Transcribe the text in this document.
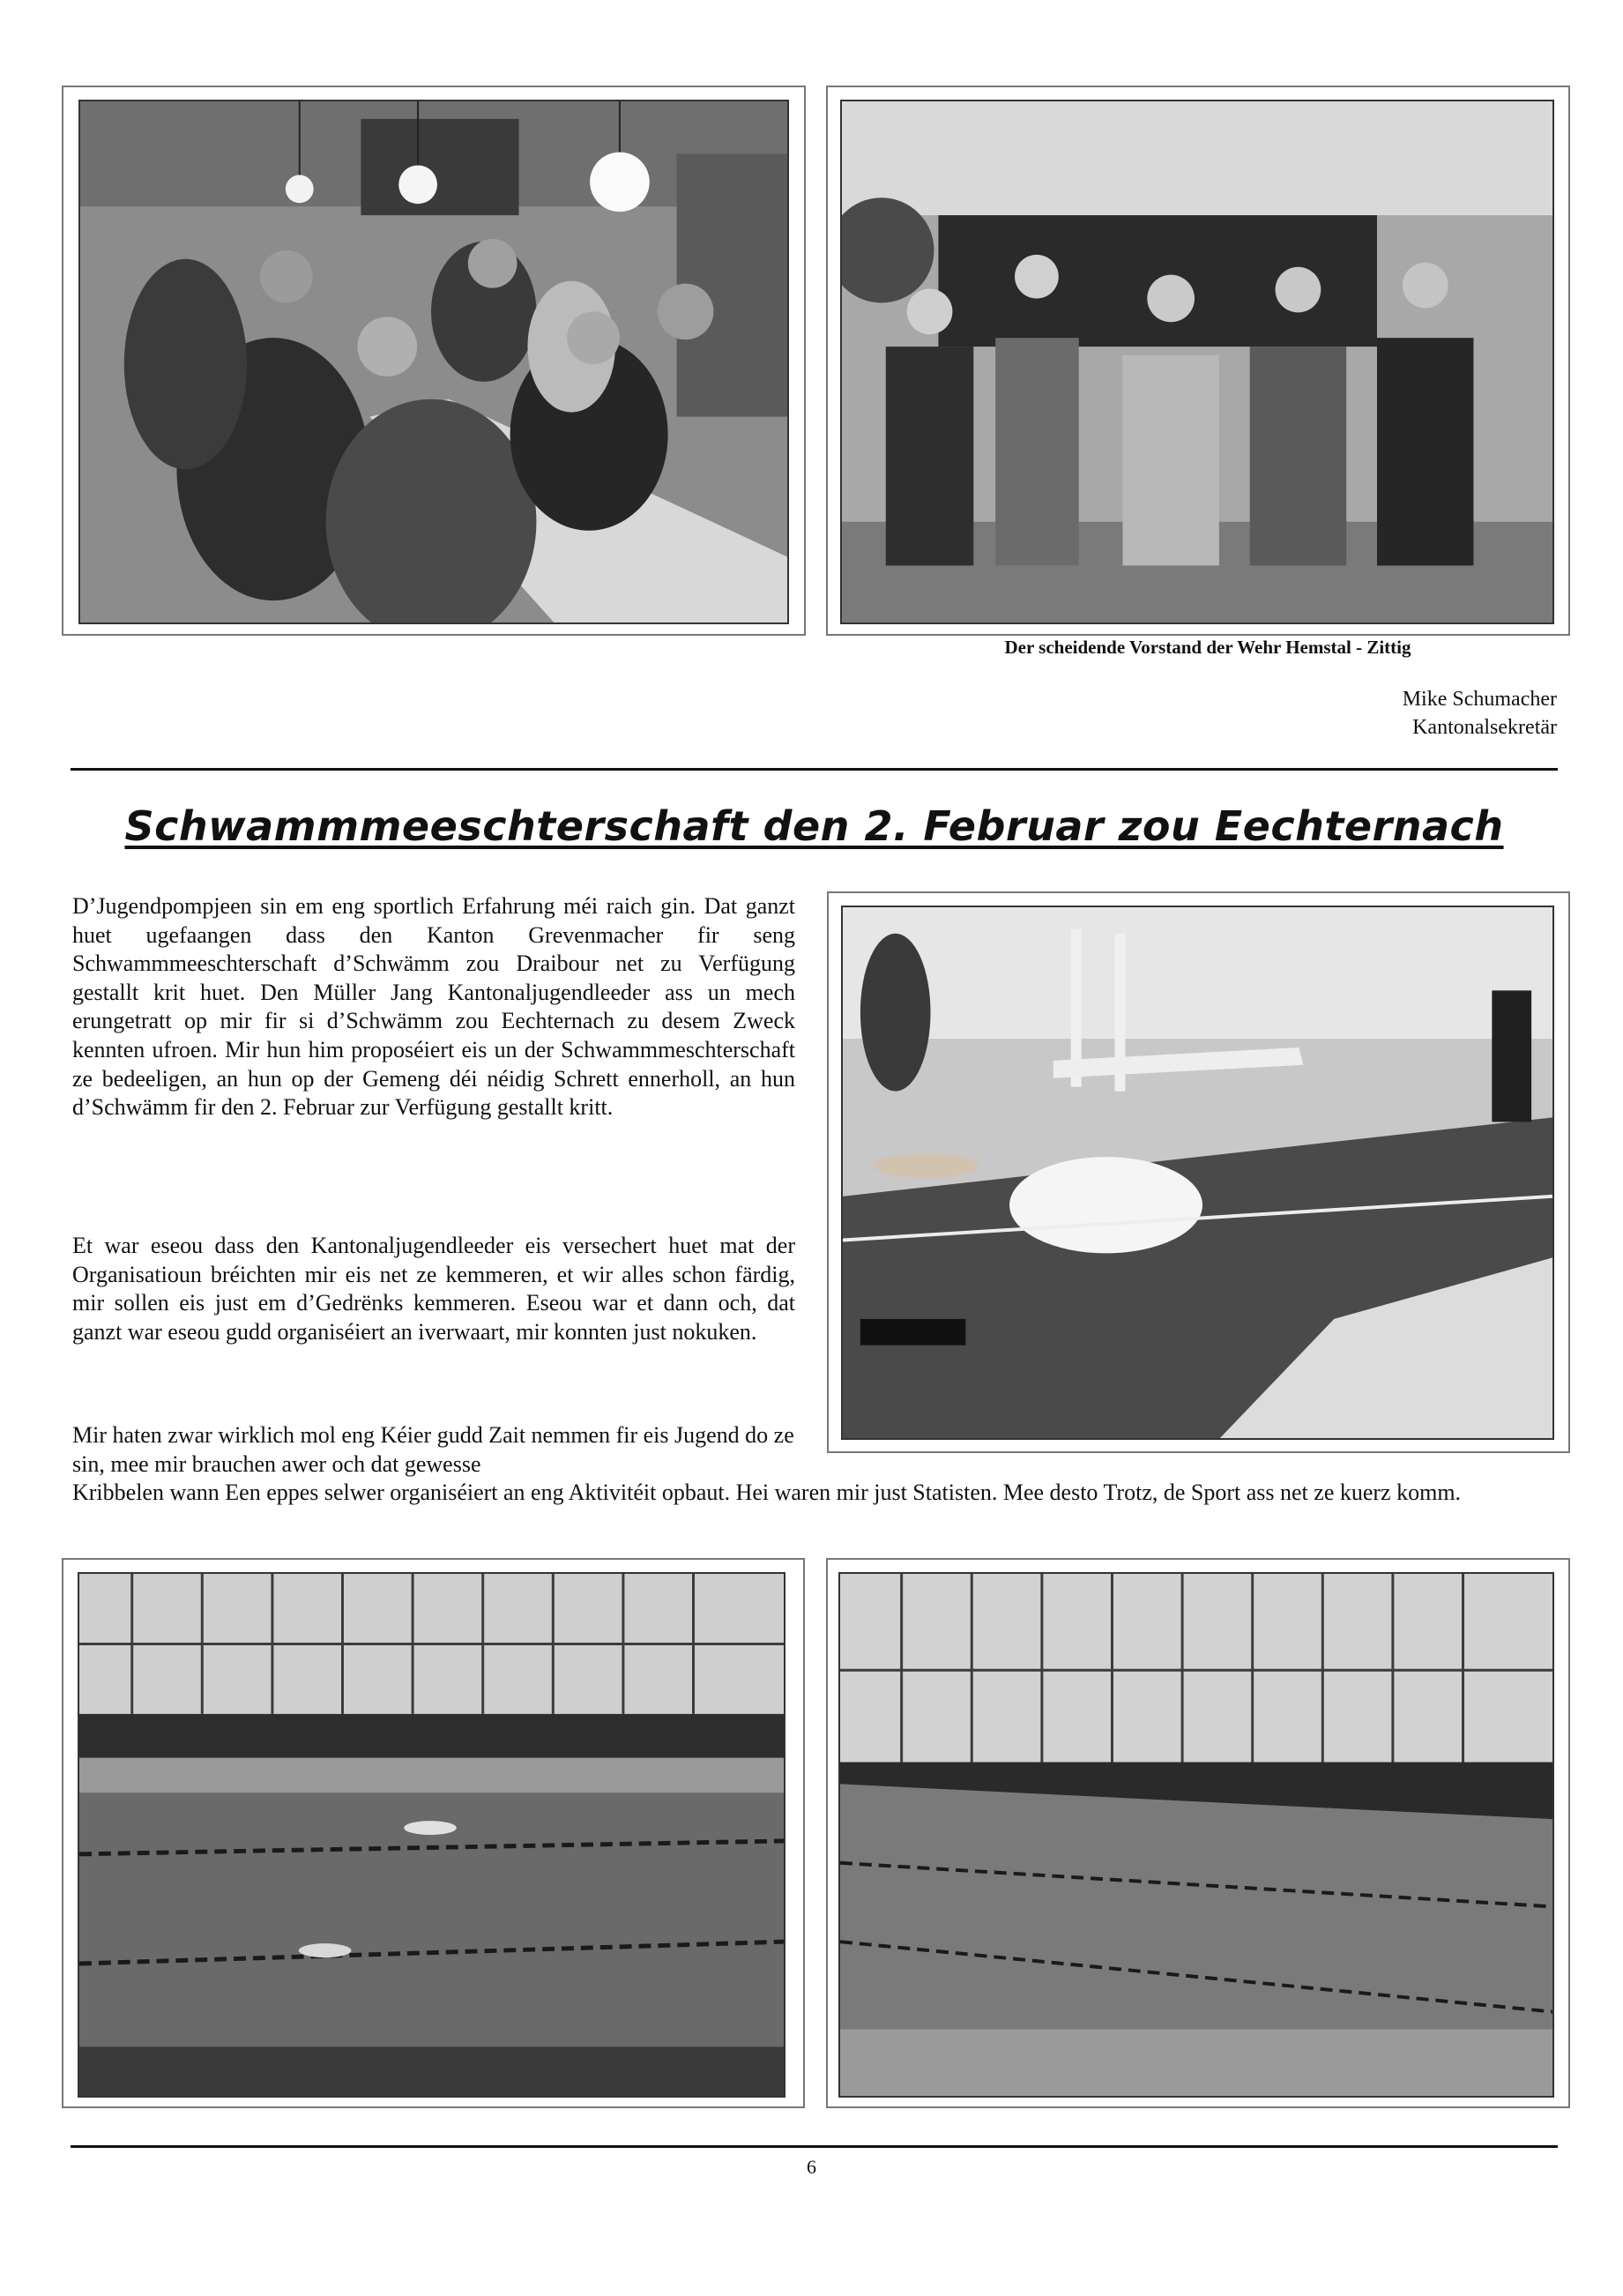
Der scheidende Vorstand der Wehr Hemstal - Zittig
Mike Schumacher
Kantonalsekretär
Schwammmeeschterschaft den 2. Februar zou Eechternach

D’Jugendpompjeen sin em eng sportlich Erfahrung méi raich gin. Dat ganzt huet ugefaangen dass den Kanton Grevenmacher fir seng Schwammmeeschterschaft d’Schwämm zou Draibour net zu Verfügung gestallt krit huet. Den Müller Jang Kantonaljugendleeder ass un mech erungetratt op mir fir si d’Schwämm zou Eechternach zu desem Zweck kennten ufroen. Mir hun him proposéiert eis un der Schwammmeschterschaft ze bedeeligen, an hun op der Gemeng déi néidig Schrett ennerholl, an hun d’Schwämm fir den 2. Februar zur Verfügung gestallt kritt.

Et war eseou dass den Kantonaljugendleeder eis versechert huet mat der Organisatioun bréichten mir eis net ze kemmeren, et wir alles schon färdig, mir sollen eis just em d’Gedrënks kemmeren. Eseou war et dann och, dat ganzt war eseou gudd organiséiert an iverwaart, mir konnten just nokuken.

Mir haten zwar wirklich mol eng Kéier gudd Zait nemmen fir eis Jugend do ze sin, mee mir brauchen awer och dat gewesse

Kribbelen wann Een eppes selwer organiséiert an eng Aktivitéit opbaut. Hei waren mir just Statisten. Mee desto Trotz, de Sport ass net ze kuerz komm.

6
